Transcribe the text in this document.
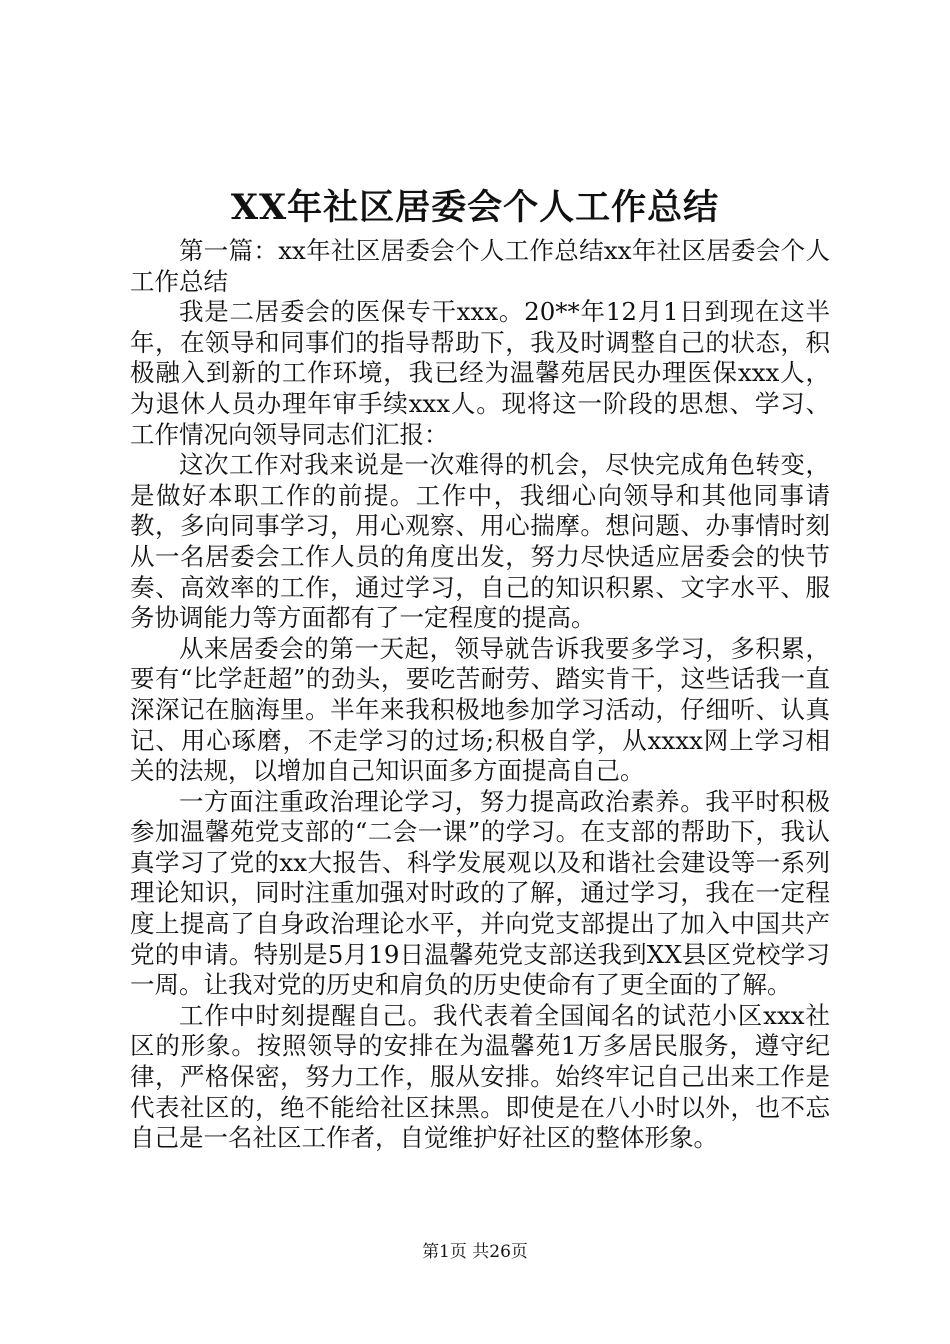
XX年社区居委会个人工作总结

第一篇：xx年社区居委会个人工作总结xx年社区居委会个人工作总结

我是二居委会的医保专干xxx。20**年12月1日到现在这半年，在领导和同事们的指导帮助下，我及时调整自己的状态，积极融入到新的工作环境，我已经为温馨苑居民办理医保xxx人，为退休人员办理年审手续xxx人。现将这一阶段的思想、学习、工作情况向领导同志们汇报：

这次工作对我来说是一次难得的机会，尽快完成角色转变，是做好本职工作的前提。工作中，我细心向领导和其他同事请教，多向同事学习，用心观察、用心揣摩。想问题、办事情时刻从一名居委会工作人员的角度出发，努力尽快适应居委会的快节奏、高效率的工作，通过学习，自己的知识积累、文字水平、服务协调能力等方面都有了一定程度的提高。

从来居委会的第一天起，领导就告诉我要多学习，多积累，要有“比学赶超”的劲头，要吃苦耐劳、踏实肯干，这些话我一直深深记在脑海里。半年来我积极地参加学习活动，仔细听、认真记、用心琢磨，不走学习的过场;积极自学，从xxxx网上学习相关的法规，以增加自己知识面多方面提高自己。

一方面注重政治理论学习，努力提高政治素养。我平时积极参加温馨苑党支部的“二会一课”的学习。在支部的帮助下，我认真学习了党的xx大报告、科学发展观以及和谐社会建设等一系列理论知识，同时注重加强对时政的了解，通过学习，我在一定程度上提高了自身政治理论水平，并向党支部提出了加入中国共产党的申请。特别是5月19日温馨苑党支部送我到XX县区党校学习一周。让我对党的历史和肩负的历史使命有了更全面的了解。

工作中时刻提醒自己。我代表着全国闻名的试范小区xxx社区的形象。按照领导的安排在为温馨苑1万多居民服务，遵守纪律，严格保密，努力工作，服从安排。始终牢记自己出来工作是代表社区的，绝不能给社区抹黑。即使是在八小时以外，也不忘自己是一名社区工作者，自觉维护好社区的整体形象。

第1页 共26页
